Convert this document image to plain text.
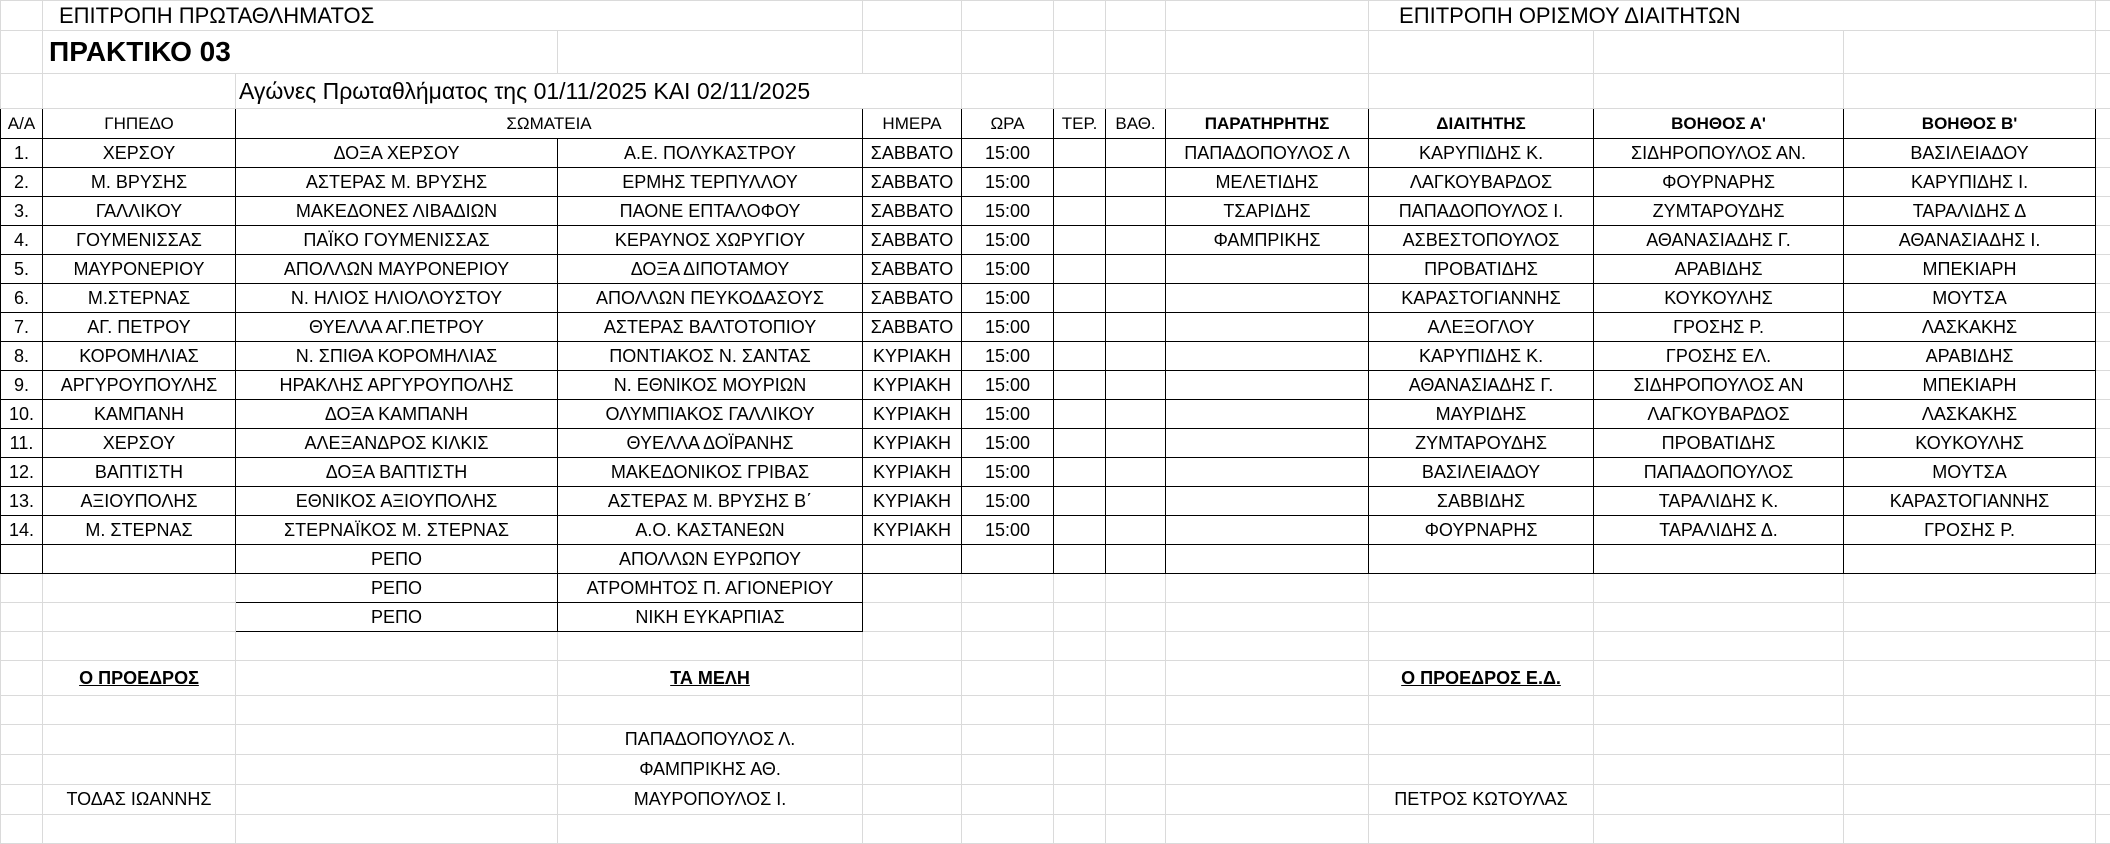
	ΕΠΙΤΡΟΠΗ ΠΡΩΤΑΘΛΗΜΑΤΟΣ								ΕΠΙΤΡΟΠΗ ΟΡΙΣΜΟΥ ΔΙΑΙΤΗΤΩΝ			
	ΠΡΑΚΤΙΚΟ 03											
		Αγώνες Πρωταθλήματος της 01/11/2025 ΚΑΙ 02/11/2025										
Α/Α	ΓΗΠΕΔΟ	ΣΩΜΑΤΕΙΑ		ΗΜΕΡΑ	ΩΡΑ	ΤΕΡ.	ΒΑΘ.	ΠΑΡΑΤΗΡΗΤΗΣ	ΔΙΑΙΤΗΤΗΣ	ΒΟΗΘΟΣ Α'	ΒΟΗΘΟΣ Β'	
1.	ΧΕΡΣΟΥ	ΔΟΞΑ ΧΕΡΣΟΥ	Α.Ε. ΠΟΛΥΚΑΣΤΡΟΥ	ΣΑΒΒΑΤΟ	15:00			ΠΑΠΑΔΟΠΟΥΛΟΣ Λ	ΚΑΡΥΠΙΔΗΣ Κ.	ΣΙΔΗΡΟΠΟΥΛΟΣ ΑΝ.	ΒΑΣΙΛΕΙΑΔΟΥ	
2.	Μ. ΒΡΥΣΗΣ	ΑΣΤΕΡΑΣ Μ. ΒΡΥΣΗΣ	ΕΡΜΗΣ ΤΕΡΠΥΛΛΟΥ	ΣΑΒΒΑΤΟ	15:00			ΜΕΛΕΤΙΔΗΣ	ΛΑΓΚΟΥΒΑΡΔΟΣ	ΦΟΥΡΝΑΡΗΣ	ΚΑΡΥΠΙΔΗΣ Ι.	
3.	ΓΑΛΛΙΚΟΥ	ΜΑΚΕΔΟΝΕΣ ΛΙΒΑΔΙΩΝ	ΠΑΟΝΕ ΕΠΤΑΛΟΦΟΥ	ΣΑΒΒΑΤΟ	15:00			ΤΣΑΡΙΔΗΣ	ΠΑΠΑΔΟΠΟΥΛΟΣ Ι.	ΖΥΜΤΑΡΟΥΔΗΣ	ΤΑΡΑΛΙΔΗΣ Δ	
4.	ΓΟΥΜΕΝΙΣΣΑΣ	ΠΑΪΚΟ ΓΟΥΜΕΝΙΣΣΑΣ	ΚΕΡΑΥΝΟΣ ΧΩΡΥΓΙΟΥ	ΣΑΒΒΑΤΟ	15:00			ΦΑΜΠΡΙΚΗΣ	ΑΣΒΕΣΤΟΠΟΥΛΟΣ	ΑΘΑΝΑΣΙΑΔΗΣ Γ.	ΑΘΑΝΑΣΙΑΔΗΣ Ι.	
5.	ΜΑΥΡΟΝΕΡΙΟΥ	ΑΠΟΛΛΩΝ ΜΑΥΡΟΝΕΡΙΟΥ	ΔΟΞΑ ΔΙΠΟΤΑΜΟΥ	ΣΑΒΒΑΤΟ	15:00				ΠΡΟΒΑΤΙΔΗΣ	ΑΡΑΒΙΔΗΣ	ΜΠΕΚΙΑΡΗ	
6.	Μ.ΣΤΕΡΝΑΣ	Ν. ΗΛΙΟΣ ΗΛΙΟΛΟΥΣΤΟΥ	ΑΠΟΛΛΩΝ ΠΕΥΚΟΔΑΣΟΥΣ	ΣΑΒΒΑΤΟ	15:00				ΚΑΡΑΣΤΟΓΙΑΝΝΗΣ	ΚΟΥΚΟΥΛΗΣ	ΜΟΥΤΣΑ	
7.	ΑΓ. ΠΕΤΡΟΥ	ΘΥΕΛΛΑ ΑΓ.ΠΕΤΡΟΥ	ΑΣΤΕΡΑΣ ΒΑΛΤΟΤΟΠΙΟΥ	ΣΑΒΒΑΤΟ	15:00				ΑΛΕΞΟΓΛΟΥ	ΓΡΟΣΗΣ Ρ.	ΛΑΣΚΑΚΗΣ	
8.	ΚΟΡΟΜΗΛΙΑΣ	Ν. ΣΠΙΘΑ ΚΟΡΟΜΗΛΙΑΣ	ΠΟΝΤΙΑΚΟΣ Ν. ΣΑΝΤΑΣ	ΚΥΡΙΑΚΗ	15:00				ΚΑΡΥΠΙΔΗΣ Κ.	ΓΡΟΣΗΣ ΕΛ.	ΑΡΑΒΙΔΗΣ	
9.	ΑΡΓΥΡΟΥΠΟΥΛΗΣ	ΗΡΑΚΛΗΣ ΑΡΓΥΡΟΥΠΟΛΗΣ	Ν. ΕΘΝΙΚΟΣ ΜΟΥΡΙΩΝ	ΚΥΡΙΑΚΗ	15:00				ΑΘΑΝΑΣΙΑΔΗΣ Γ.	ΣΙΔΗΡΟΠΟΥΛΟΣ ΑΝ	ΜΠΕΚΙΑΡΗ	
10.	ΚΑΜΠΑΝΗ	ΔΟΞΑ ΚΑΜΠΑΝΗ	ΟΛΥΜΠΙΑΚΟΣ ΓΑΛΛΙΚΟΥ	ΚΥΡΙΑΚΗ	15:00				ΜΑΥΡΙΔΗΣ	ΛΑΓΚΟΥΒΑΡΔΟΣ	ΛΑΣΚΑΚΗΣ	
11.	ΧΕΡΣΟΥ	ΑΛΕΞΑΝΔΡΟΣ ΚΙΛΚΙΣ	ΘΥΕΛΛΑ ΔΟΪΡΑΝΗΣ	ΚΥΡΙΑΚΗ	15:00				ΖΥΜΤΑΡΟΥΔΗΣ	ΠΡΟΒΑΤΙΔΗΣ	ΚΟΥΚΟΥΛΗΣ	
12.	ΒΑΠΤΙΣΤΗ	ΔΟΞΑ ΒΑΠΤΙΣΤΗ	ΜΑΚΕΔΟΝΙΚΟΣ ΓΡΙΒΑΣ	ΚΥΡΙΑΚΗ	15:00				ΒΑΣΙΛΕΙΑΔΟΥ	ΠΑΠΑΔΟΠΟΥΛΟΣ	ΜΟΥΤΣΑ	
13.	ΑΞΙΟΥΠΟΛΗΣ	ΕΘΝΙΚΟΣ ΑΞΙΟΥΠΟΛΗΣ	ΑΣΤΕΡΑΣ Μ. ΒΡΥΣΗΣ Β΄	ΚΥΡΙΑΚΗ	15:00				ΣΑΒΒΙΔΗΣ	ΤΑΡΑΛΙΔΗΣ Κ.	ΚΑΡΑΣΤΟΓΙΑΝΝΗΣ	
14.	Μ. ΣΤΕΡΝΑΣ	ΣΤΕΡΝΑΪΚΟΣ Μ. ΣΤΕΡΝΑΣ	Α.Ο. ΚΑΣΤΑΝΕΩΝ	ΚΥΡΙΑΚΗ	15:00				ΦΟΥΡΝΑΡΗΣ	ΤΑΡΑΛΙΔΗΣ Δ.	ΓΡΟΣΗΣ Ρ.	
		ΡΕΠΟ	ΑΠΟΛΛΩΝ ΕΥΡΩΠΟΥ									
		ΡΕΠΟ	ΑΤΡΟΜΗΤΟΣ Π. ΑΓΙΟΝΕΡΙΟΥ									
		ΡΕΠΟ	ΝΙΚΗ ΕΥΚΑΡΠΙΑΣ									

	Ο ΠΡΟΕΔΡΟΣ		ΤΑ ΜΕΛΗ						Ο ΠΡΟΕΔΡΟΣ Ε.Δ.			

			ΠΑΠΑΔΟΠΟΥΛΟΣ Λ.									
			ΦΑΜΠΡΙΚΗΣ ΑΘ.									
	ΤΟΔΑΣ ΙΩΑΝΝΗΣ		ΜΑΥΡΟΠΟΥΛΟΣ Ι.						ΠΕΤΡΟΣ ΚΩΤΟΥΛΑΣ			
